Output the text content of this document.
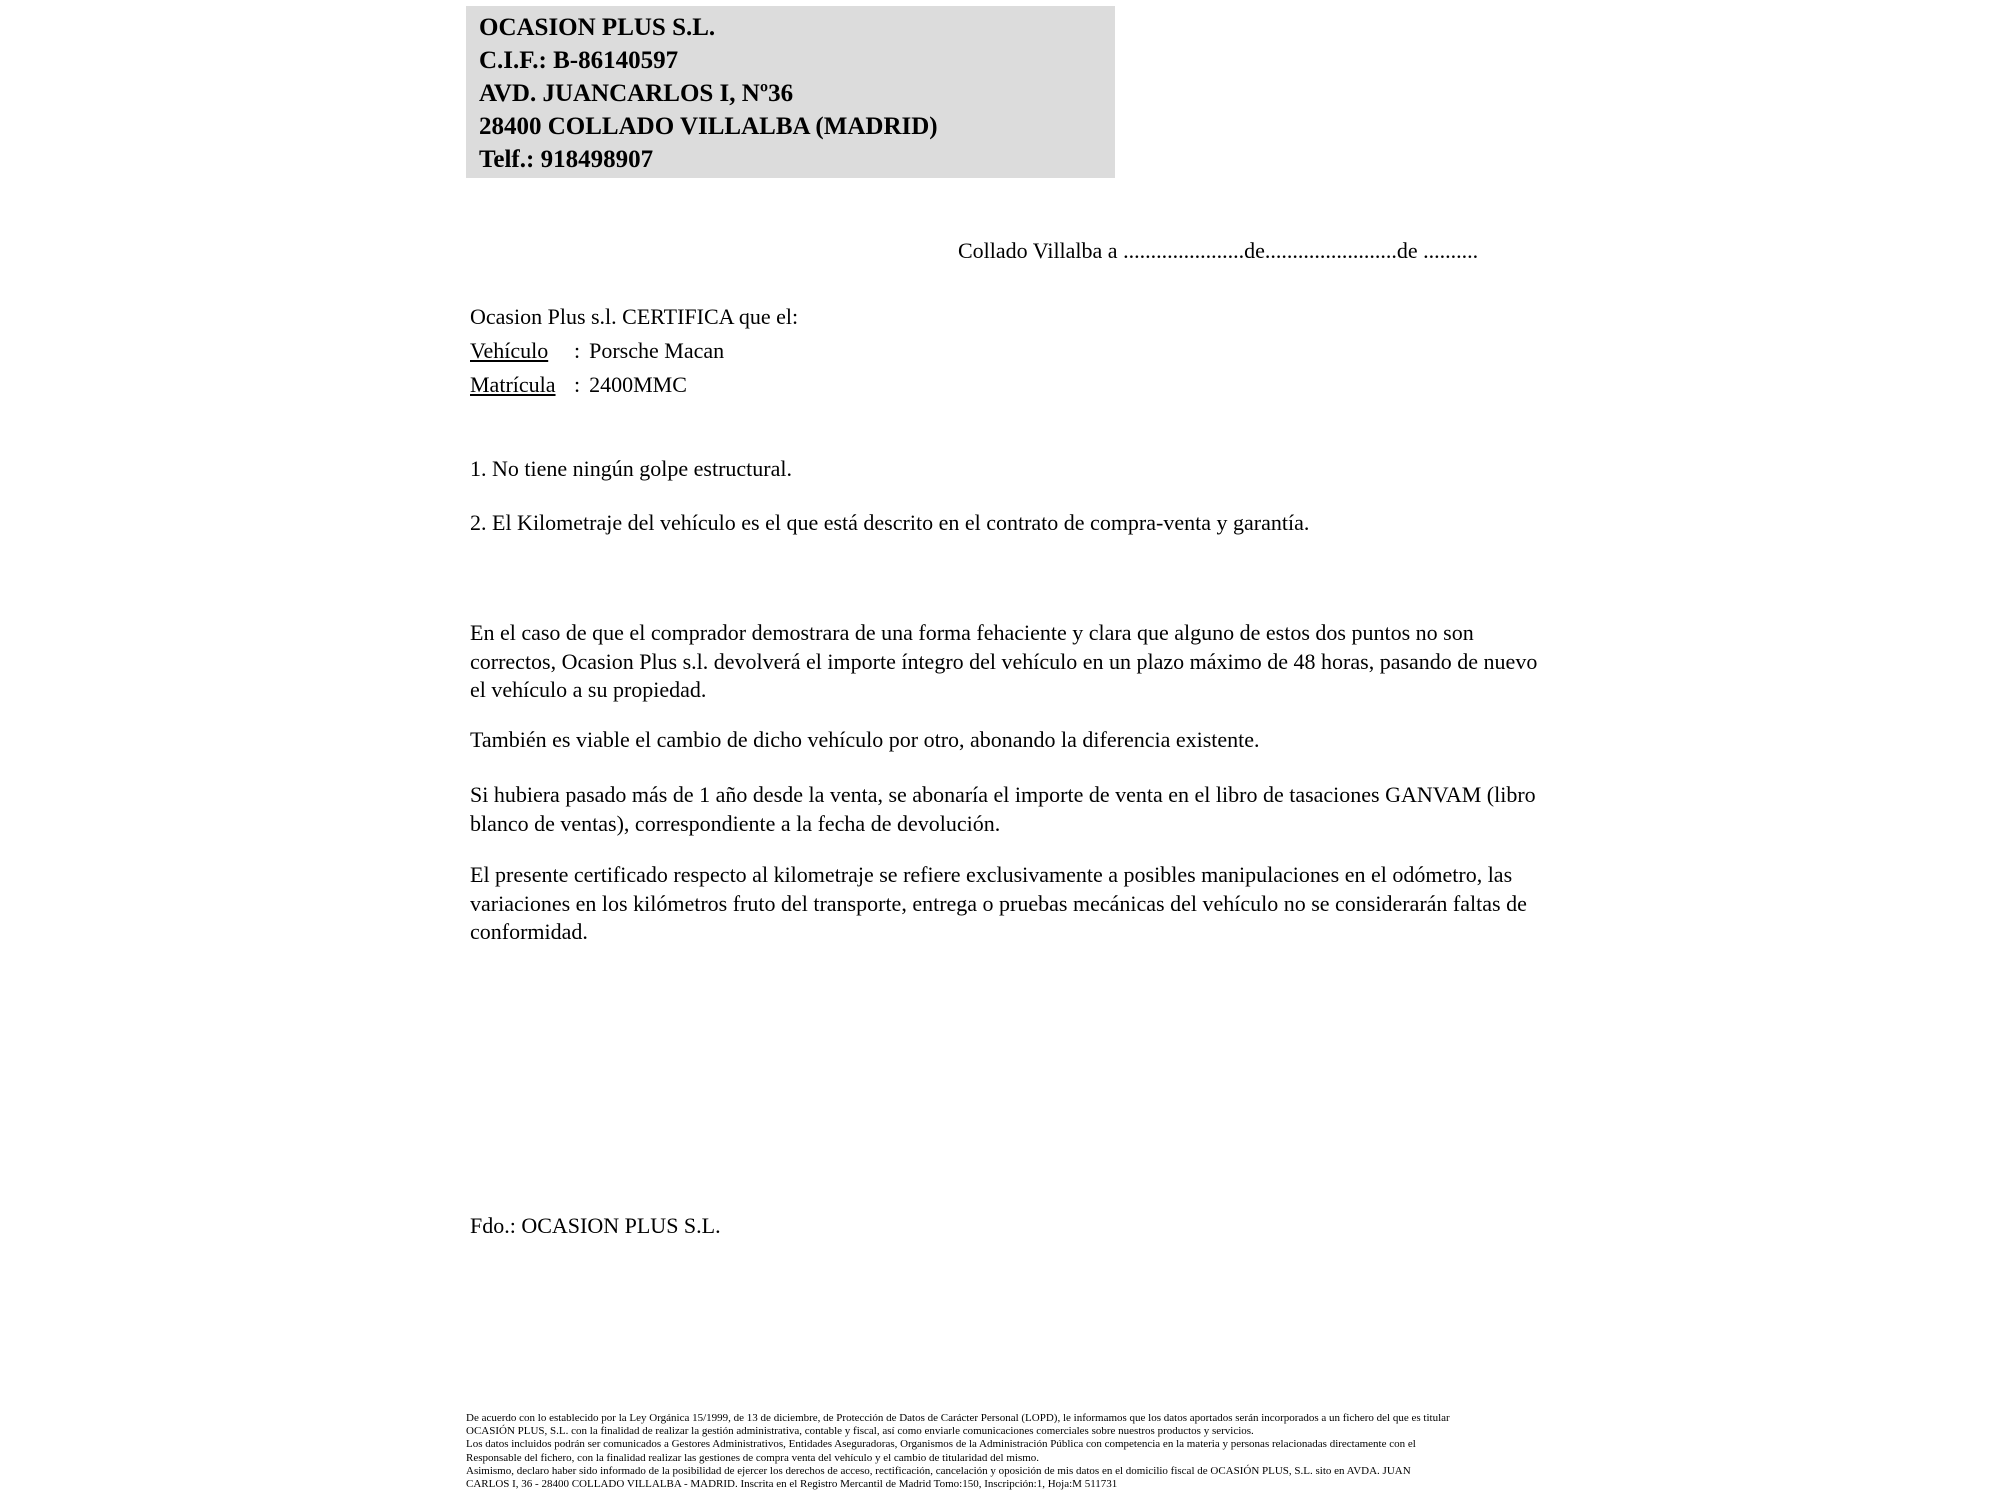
OCASION PLUS S.L.
C.I.F.: B-86140597
AVD. JUANCARLOS I, Nº36
28400 COLLADO VILLALBA (MADRID)
Telf.: 918498907
Collado Villalba a ......................de........................de ..........
Ocasion Plus s.l. CERTIFICA que el:
Vehículo : Porsche Macan
Matrícula : 2400MMC
1. No tiene ningún golpe estructural.
2. El Kilometraje del vehículo es el que está descrito en el contrato de compra-venta y garantía.
En el caso de que el comprador demostrara de una forma fehaciente y clara que alguno de estos dos puntos no son correctos, Ocasion Plus s.l. devolverá el importe íntegro del vehículo en un plazo máximo de 48 horas, pasando de nuevo el vehículo a su propiedad.
También es viable el cambio de dicho vehículo por otro, abonando la diferencia existente.
Si hubiera pasado más de 1 año desde la venta, se abonaría el importe de venta en el libro de tasaciones GANVAM (libro blanco de ventas), correspondiente a la fecha de devolución.
El presente certificado respecto al kilometraje se refiere exclusivamente a posibles manipulaciones en el odómetro, las variaciones en los kilómetros fruto del transporte, entrega o pruebas mecánicas del vehículo no se considerarán faltas de conformidad.
Fdo.: OCASION PLUS S.L.
De acuerdo con lo establecido por la Ley Orgánica 15/1999, de 13 de diciembre, de Protección de Datos de Carácter Personal (LOPD), le informamos que los datos aportados serán incorporados a un fichero del que es titular
OCASIÓN PLUS, S.L. con la finalidad de realizar la gestión administrativa, contable y fiscal, así como enviarle comunicaciones comerciales sobre nuestros productos y servicios.
Los datos incluidos podrán ser comunicados a Gestores Administrativos, Entidades Aseguradoras, Organismos de la Administración Pública con competencia en la materia y personas relacionadas directamente con el
Responsable del fichero, con la finalidad realizar las gestiones de compra venta del vehículo y el cambio de titularidad del mismo.
Asimismo, declaro haber sido informado de la posibilidad de ejercer los derechos de acceso, rectificación, cancelación y oposición de mis datos en el domicilio fiscal de OCASIÓN PLUS, S.L. sito en AVDA. JUAN
CARLOS I, 36 - 28400 COLLADO VILLALBA - MADRID. Inscrita en el Registro Mercantil de Madrid Tomo:150, Inscripción:1, Hoja:M 511731
